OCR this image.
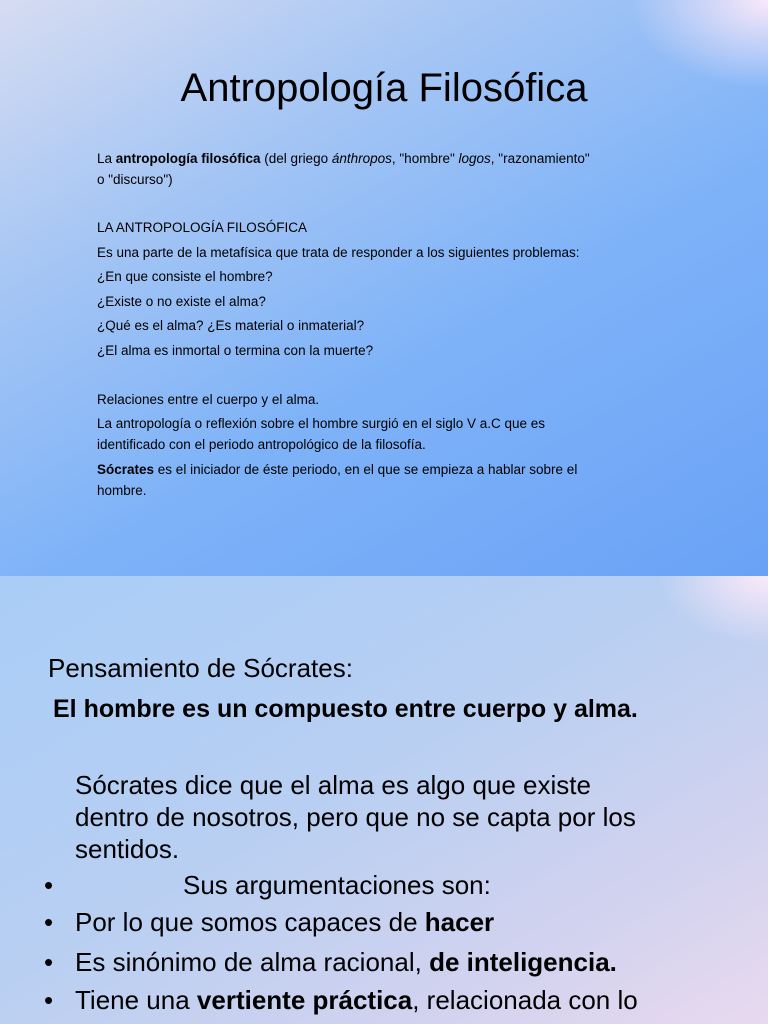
Antropología Filosófica
La antropología filosófica (del griego ánthropos, "hombre" logos, "razonamiento"
o "discurso")
LA ANTROPOLOGÍA FILOSÓFICA
Es una parte de la metafísica que trata de responder a los siguientes problemas:
¿En que consiste el hombre?
¿Existe o no existe el alma?
¿Qué es el alma? ¿Es material o inmaterial?
¿El alma es inmortal o termina con la muerte?
Relaciones entre el cuerpo y el alma.
La antropología o reflexión sobre el hombre surgió en el siglo V a.C que es
identificado con el periodo antropológico de la filosofía.
Sócrates es el iniciador de éste periodo, en el que se empieza a hablar sobre el
hombre.
Pensamiento de Sócrates:
El hombre es un compuesto entre cuerpo y alma.
Sócrates dice que el alma es algo que existe
dentro de nosotros, pero que no se capta por los
sentidos.
•	Sus argumentaciones son:
• Por lo que somos capaces de hacer
• Es sinónimo de alma racional, de inteligencia.
• Tiene una vertiente práctica, relacionada con lo
